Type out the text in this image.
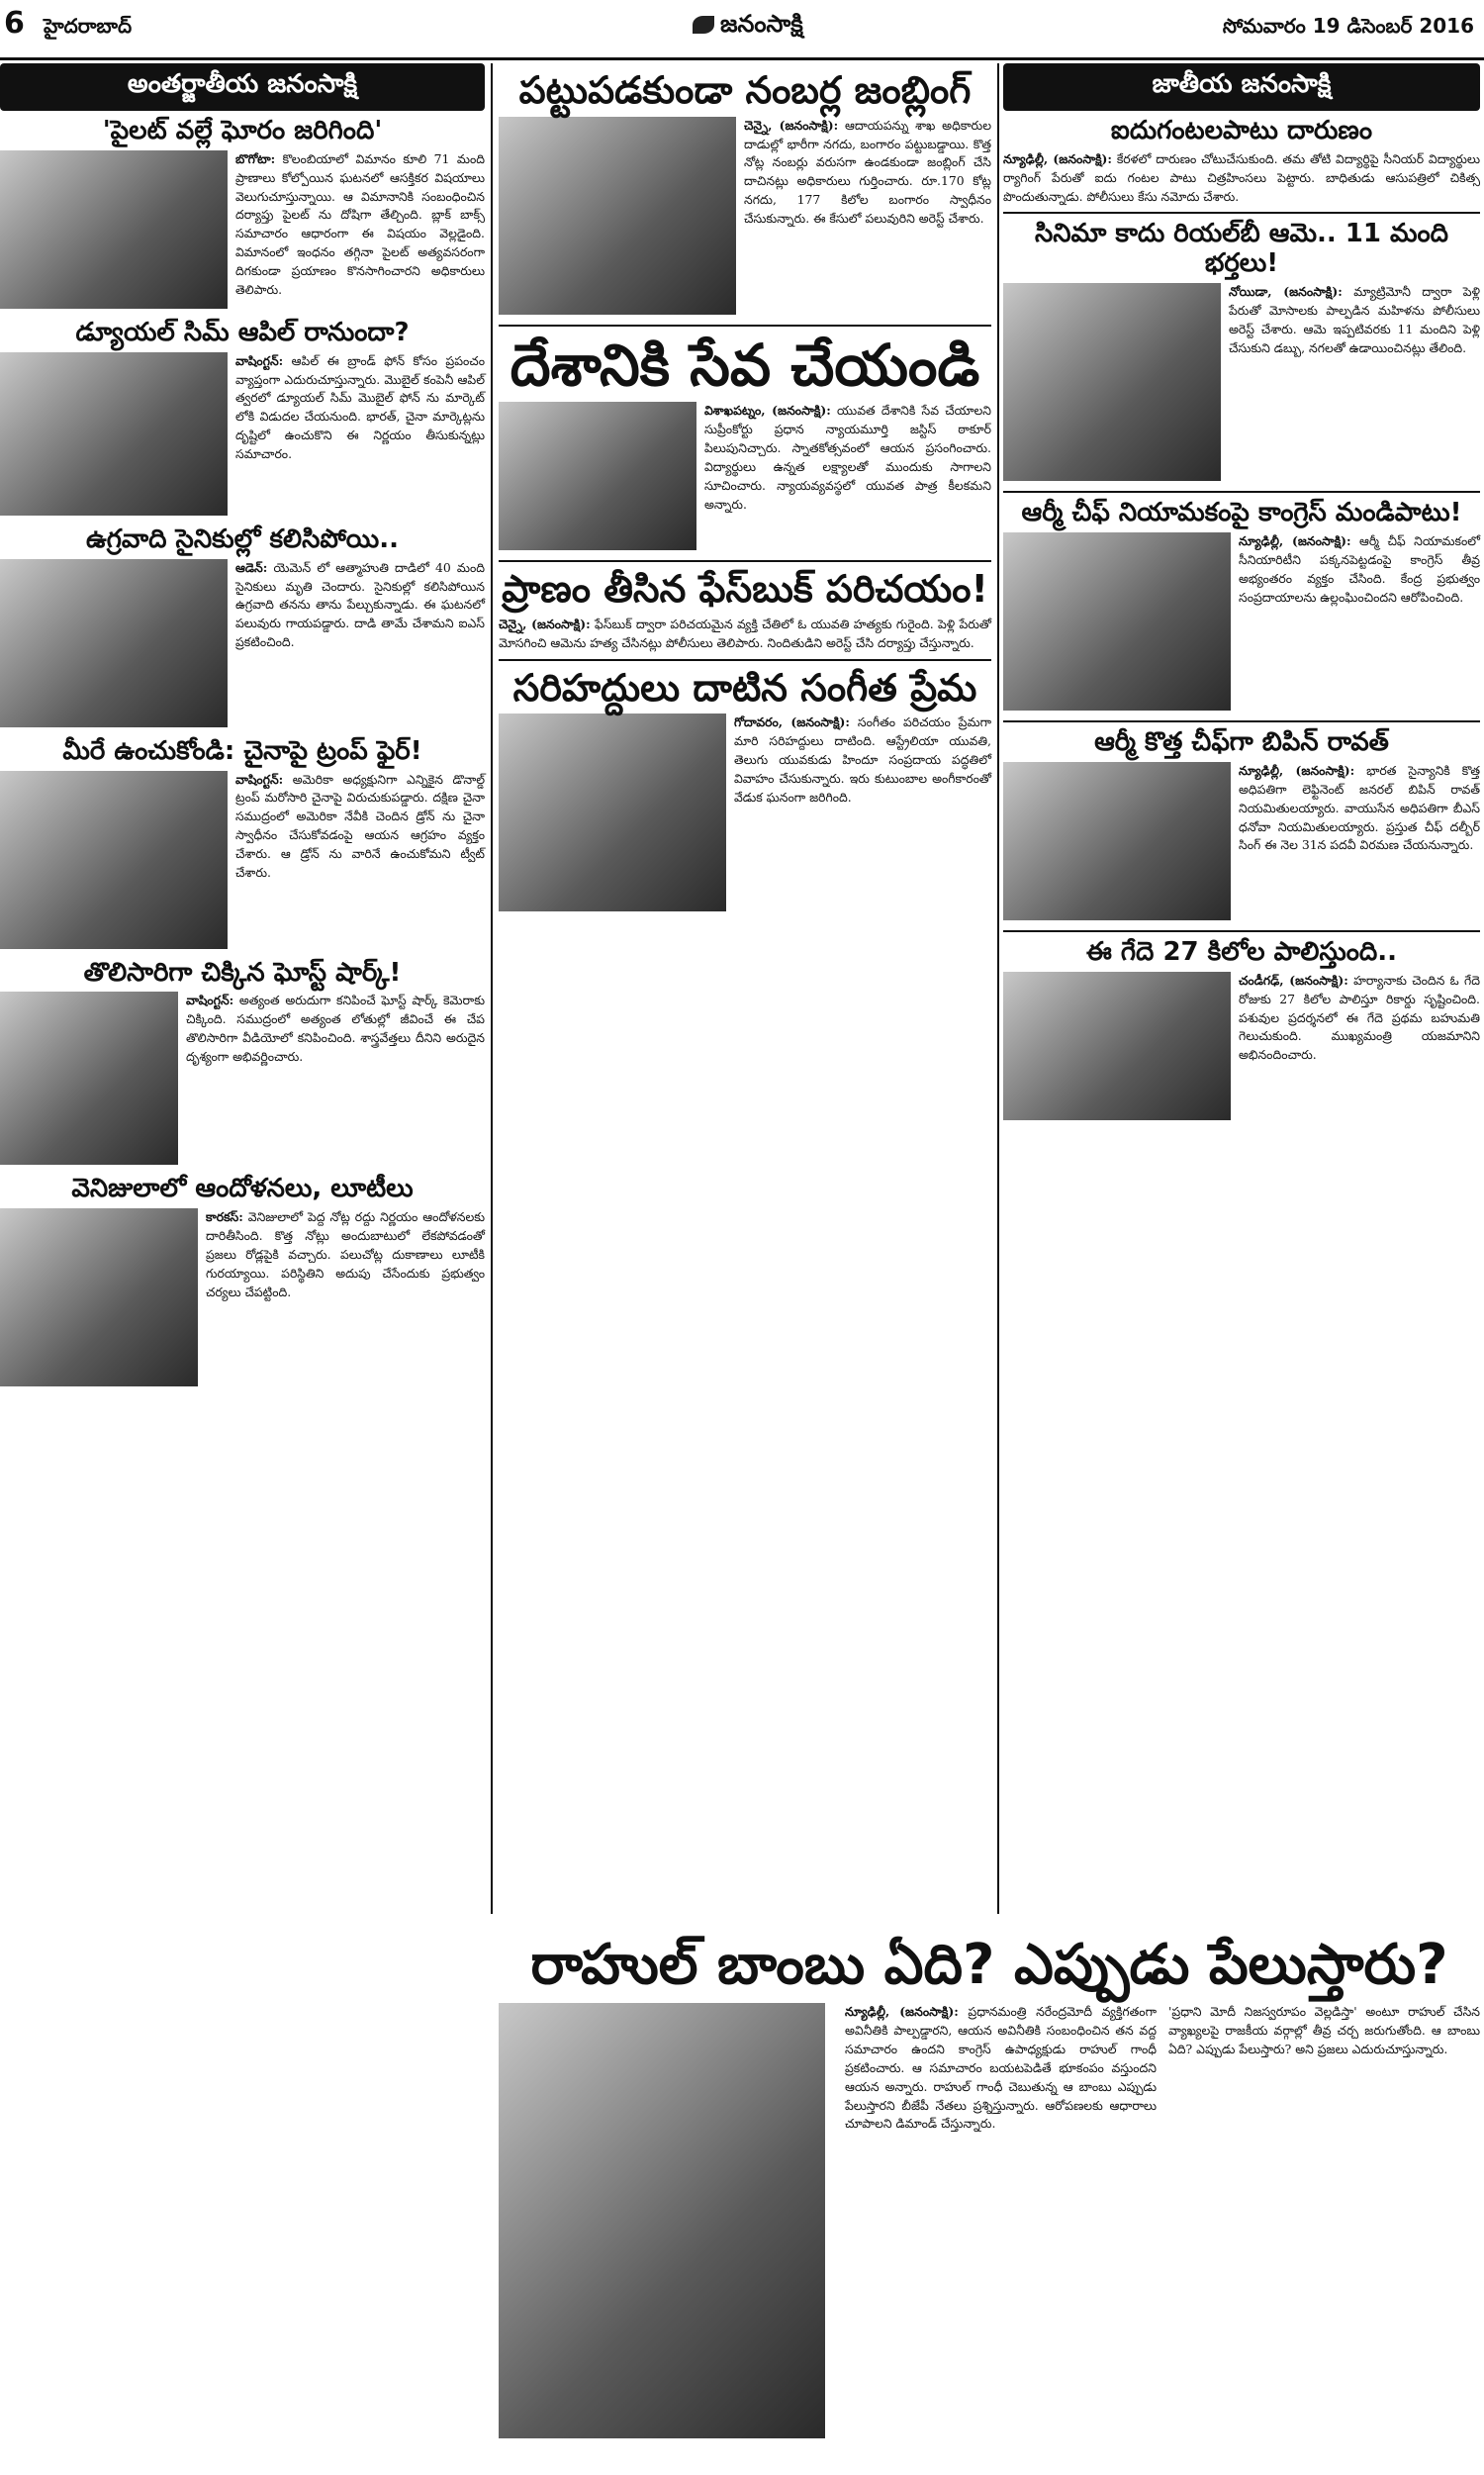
6 హైదరాబాద్	జనంసాక్షి	సోమవారం 19 డిసెంబర్ 2016
అంతర్జాతీయ జనంసాక్షి
'పైలట్ వల్లే ఘోరం జరిగింది'

బొగోటా: కొలంబియాలో విమానం కూలి 71 మంది ప్రాణాలు కోల్పోయిన ఘటనలో ఆసక్తికర విషయాలు వెలుగుచూస్తున్నాయి. ఆ విమానానికి సంబంధించిన దర్యాప్తు పైలట్ ను దోషిగా తేల్చింది. బ్లాక్ బాక్స్ సమాచారం ఆధారంగా ఈ విషయం వెల్లడైంది. విమానంలో ఇంధనం తగ్గినా పైలట్ అత్యవసరంగా దిగకుండా ప్రయాణం కొనసాగించారని అధికారులు తెలిపారు.

డ్యూయల్ సిమ్ ఆపిల్ రానుందా?

వాషింగ్టన్: ఆపిల్ ఈ బ్రాండ్ ఫోన్ కోసం ప్రపంచం వ్యాప్తంగా ఎదురుచూస్తున్నారు. మొబైల్ కంపెనీ ఆపిల్ త్వరలో డ్యూయల్ సిమ్ మొబైల్ ఫోన్ ను మార్కెట్ లోకి విడుదల చేయనుంది. భారత్, చైనా మార్కెట్లను దృష్టిలో ఉంచుకొని ఈ నిర్ణయం తీసుకున్నట్లు సమాచారం.

ఉగ్రవాది సైనికుల్లో కలిసిపోయి..

ఆడెన్: యెమెన్ లో ఆత్మాహుతి దాడిలో 40 మంది సైనికులు మృతి చెందారు. సైనికుల్లో కలిసిపోయిన ఉగ్రవాది తనను తాను పేల్చుకున్నాడు. ఈ ఘటనలో పలువురు గాయపడ్డారు. దాడి తామే చేశామని ఐఎస్ ప్రకటించింది.

మీరే ఉంచుకోండి: చైనాపై ట్రంప్ ఫైర్!

వాషింగ్టన్: అమెరికా అధ్యక్షునిగా ఎన్నికైన డొనాల్డ్ ట్రంప్ మరోసారి చైనాపై విరుచుకుపడ్డారు. దక్షిణ చైనా సముద్రంలో అమెరికా నేవీకి చెందిన డ్రోన్ ను చైనా స్వాధీనం చేసుకోవడంపై ఆయన ఆగ్రహం వ్యక్తం చేశారు. ఆ డ్రోన్ ను వారినే ఉంచుకోమని ట్వీట్ చేశారు.

తొలిసారిగా చిక్కిన ఘోస్ట్ షార్క్!

వాషింగ్టన్: అత్యంత అరుదుగా కనిపించే ఘోస్ట్ షార్క్ కెమెరాకు చిక్కింది. సముద్రంలో అత్యంత లోతుల్లో జీవించే ఈ చేప తొలిసారిగా వీడియోలో కనిపించింది. శాస్త్రవేత్తలు దీనిని అరుదైన దృశ్యంగా అభివర్ణించారు.

వెనిజులాలో ఆందోళనలు, లూటీలు

కారకస్: వెనిజులాలో పెద్ద నోట్ల రద్దు నిర్ణయం ఆందోళనలకు దారితీసింది. కొత్త నోట్లు అందుబాటులో లేకపోవడంతో ప్రజలు రోడ్లపైకి వచ్చారు. పలుచోట్ల దుకాణాలు లూటీకి గురయ్యాయి. పరిస్థితిని అదుపు చేసేందుకు ప్రభుత్వం చర్యలు చేపట్టింది.

పట్టుపడకుండా నంబర్ల జంబ్లింగ్

చెన్నై, (జనంసాక్షి): ఆదాయపన్ను శాఖ అధికారుల దాడుల్లో భారీగా నగదు, బంగారం పట్టుబడ్డాయి. కొత్త నోట్ల నంబర్లు వరుసగా ఉండకుండా జంబ్లింగ్ చేసి దాచినట్లు అధికారులు గుర్తించారు. రూ.170 కోట్ల నగదు, 177 కిలోల బంగారం స్వాధీనం చేసుకున్నారు. ఈ కేసులో పలువురిని అరెస్ట్ చేశారు.

దేశానికి సేవ చేయండి

విశాఖపట్నం, (జనంసాక్షి): యువత దేశానికి సేవ చేయాలని సుప్రీంకోర్టు ప్రధాన న్యాయమూర్తి జస్టిస్ ఠాకూర్ పిలుపునిచ్చారు. స్నాతకోత్సవంలో ఆయన ప్రసంగించారు. విద్యార్థులు ఉన్నత లక్ష్యాలతో ముందుకు సాగాలని సూచించారు. న్యాయవ్యవస్థలో యువత పాత్ర కీలకమని అన్నారు.

ప్రాణం తీసిన ఫేస్‌బుక్ పరిచయం!

చెన్నై, (జనంసాక్షి): ఫేస్‌బుక్ ద్వారా పరిచయమైన వ్యక్తి చేతిలో ఓ యువతి హత్యకు గురైంది. పెళ్లి పేరుతో మోసగించి ఆమెను హత్య చేసినట్లు పోలీసులు తెలిపారు. నిందితుడిని అరెస్ట్ చేసి దర్యాప్తు చేస్తున్నారు.

సరిహద్దులు దాటిన సంగీత ప్రేమ

గోదావరం, (జనంసాక్షి): సంగీతం పరిచయం ప్రేమగా మారి సరిహద్దులు దాటింది. ఆస్ట్రేలియా యువతి, తెలుగు యువకుడు హిందూ సంప్రదాయ పద్ధతిలో వివాహం చేసుకున్నారు. ఇరు కుటుంబాల అంగీకారంతో వేడుక ఘనంగా జరిగింది.

జాతీయ జనంసాక్షి
ఐదుగంటలపాటు దారుణం

న్యూఢిల్లీ, (జనంసాక్షి): కేరళలో దారుణం చోటుచేసుకుంది. తమ తోటి విద్యార్థిపై సీనియర్ విద్యార్థులు ర్యాగింగ్ పేరుతో ఐదు గంటల పాటు చిత్రహింసలు పెట్టారు. బాధితుడు ఆసుపత్రిలో చికిత్స పొందుతున్నాడు. పోలీసులు కేసు నమోదు చేశారు.

సినిమా కాదు రియల్‌బీ ఆమె.. 11 మంది భర్తలు!

నోయిడా, (జనంసాక్షి): మ్యాట్రిమోనీ ద్వారా పెళ్లి పేరుతో మోసాలకు పాల్పడిన మహిళను పోలీసులు అరెస్ట్ చేశారు. ఆమె ఇప్పటివరకు 11 మందిని పెళ్లి చేసుకుని డబ్బు, నగలతో ఉడాయించినట్లు తేలింది.

ఆర్మీ చీఫ్ నియామకంపై కాంగ్రెస్ మండిపాటు!

న్యూఢిల్లీ, (జనంసాక్షి): ఆర్మీ చీఫ్ నియామకంలో సీనియారిటీని పక్కనపెట్టడంపై కాంగ్రెస్ తీవ్ర అభ్యంతరం వ్యక్తం చేసింది. కేంద్ర ప్రభుత్వం సంప్రదాయాలను ఉల్లంఘించిందని ఆరోపించింది.

ఆర్మీ కొత్త చీఫ్‌గా బిపిన్ రావత్

న్యూఢిల్లీ, (జనంసాక్షి): భారత సైన్యానికి కొత్త అధిపతిగా లెఫ్టినెంట్ జనరల్ బిపిన్ రావత్ నియమితులయ్యారు. వాయుసేన అధిపతిగా బీఎస్ ధనోవా నియమితులయ్యారు. ప్రస్తుత చీఫ్ దల్బీర్ సింగ్ ఈ నెల 31న పదవీ విరమణ చేయనున్నారు.

ఈ గేదె 27 కిలోల పాలిస్తుంది..

చండీగఢ్, (జనంసాక్షి): హర్యానాకు చెందిన ఓ గేదె రోజుకు 27 కిలోల పాలిస్తూ రికార్డు సృష్టించింది. పశువుల ప్రదర్శనలో ఈ గేదె ప్రథమ బహుమతి గెలుచుకుంది. ముఖ్యమంత్రి యజమానిని అభినందించారు.

రాహుల్ బాంబు ఏది? ఎప్పుడు పేలుస్తారు?

న్యూఢిల్లీ, (జనంసాక్షి): ప్రధానమంత్రి నరేంద్రమోదీ వ్యక్తిగతంగా అవినీతికి పాల్పడ్డారని, ఆయన అవినీతికి సంబంధించిన తన వద్ద సమాచారం ఉందని కాంగ్రెస్ ఉపాధ్యక్షుడు రాహుల్ గాంధీ ప్రకటించారు. ఆ సమాచారం బయటపెడితే భూకంపం వస్తుందని ఆయన అన్నారు. రాహుల్ గాంధీ చెబుతున్న ఆ బాంబు ఎప్పుడు పేలుస్తారని బీజేపీ నేతలు ప్రశ్నిస్తున్నారు. ఆరోపణలకు ఆధారాలు చూపాలని డిమాండ్ చేస్తున్నారు.

'ప్రధాని మోదీ నిజస్వరూపం వెల్లడిస్తా' అంటూ రాహుల్ చేసిన వ్యాఖ్యలపై రాజకీయ వర్గాల్లో తీవ్ర చర్చ జరుగుతోంది. ఆ బాంబు ఏది? ఎప్పుడు పేలుస్తారు? అని ప్రజలు ఎదురుచూస్తున్నారు.
